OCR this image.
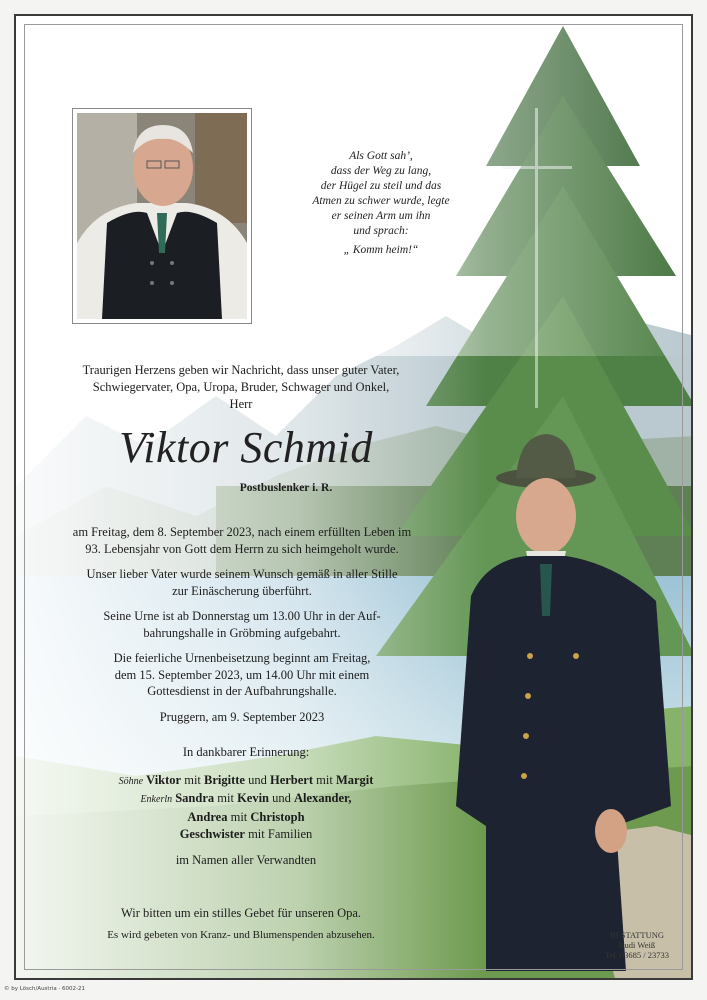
Als Gott sah’,
dass der Weg zu lang,
der Hügel zu steil und das
Atmen zu schwer wurde, legte
er seinen Arm um ihn
und sprach:
„ Komm heim!“
Traurigen Herzens geben wir Nachricht, dass unser guter Vater,
Schwiegervater, Opa, Uropa, Bruder, Schwager und Onkel,
Herr
Viktor Schmid
Postbuslenker i. R.

am Freitag, dem 8. September 2023, nach einem erfüllten Leben im
93. Lebensjahr von Gott dem Herrn zu sich heimgeholt wurde.

Unser lieber Vater wurde seinem Wunsch gemäß in aller Stille
zur Einäscherung überführt.

Seine Urne ist ab Donnerstag um 13.00 Uhr in der Auf-
bahrungshalle in Gröbming aufgebahrt.

Die feierliche Urnenbeisetzung beginnt am Freitag,
dem 15. September 2023, um 14.00 Uhr mit einem
Gottesdienst in der Aufbahrungshalle.

Pruggern, am 9. September 2023
In dankbarer Erinnerung:
Söhne Viktor mit Brigitte und Herbert mit Margit
Enkerln Sandra mit Kevin und Alexander,
Andrea mit Christoph
Geschwister mit Familien
im Namen aller Verwandten
Wir bitten um ein stilles Gebet für unseren Opa.
Es wird gebeten von Kranz- und Blumenspenden abzusehen.	BESTATTUNG
Rudi Weiß
Tel. 03685 / 23733
© by Lösch/Austria · 6002-21
